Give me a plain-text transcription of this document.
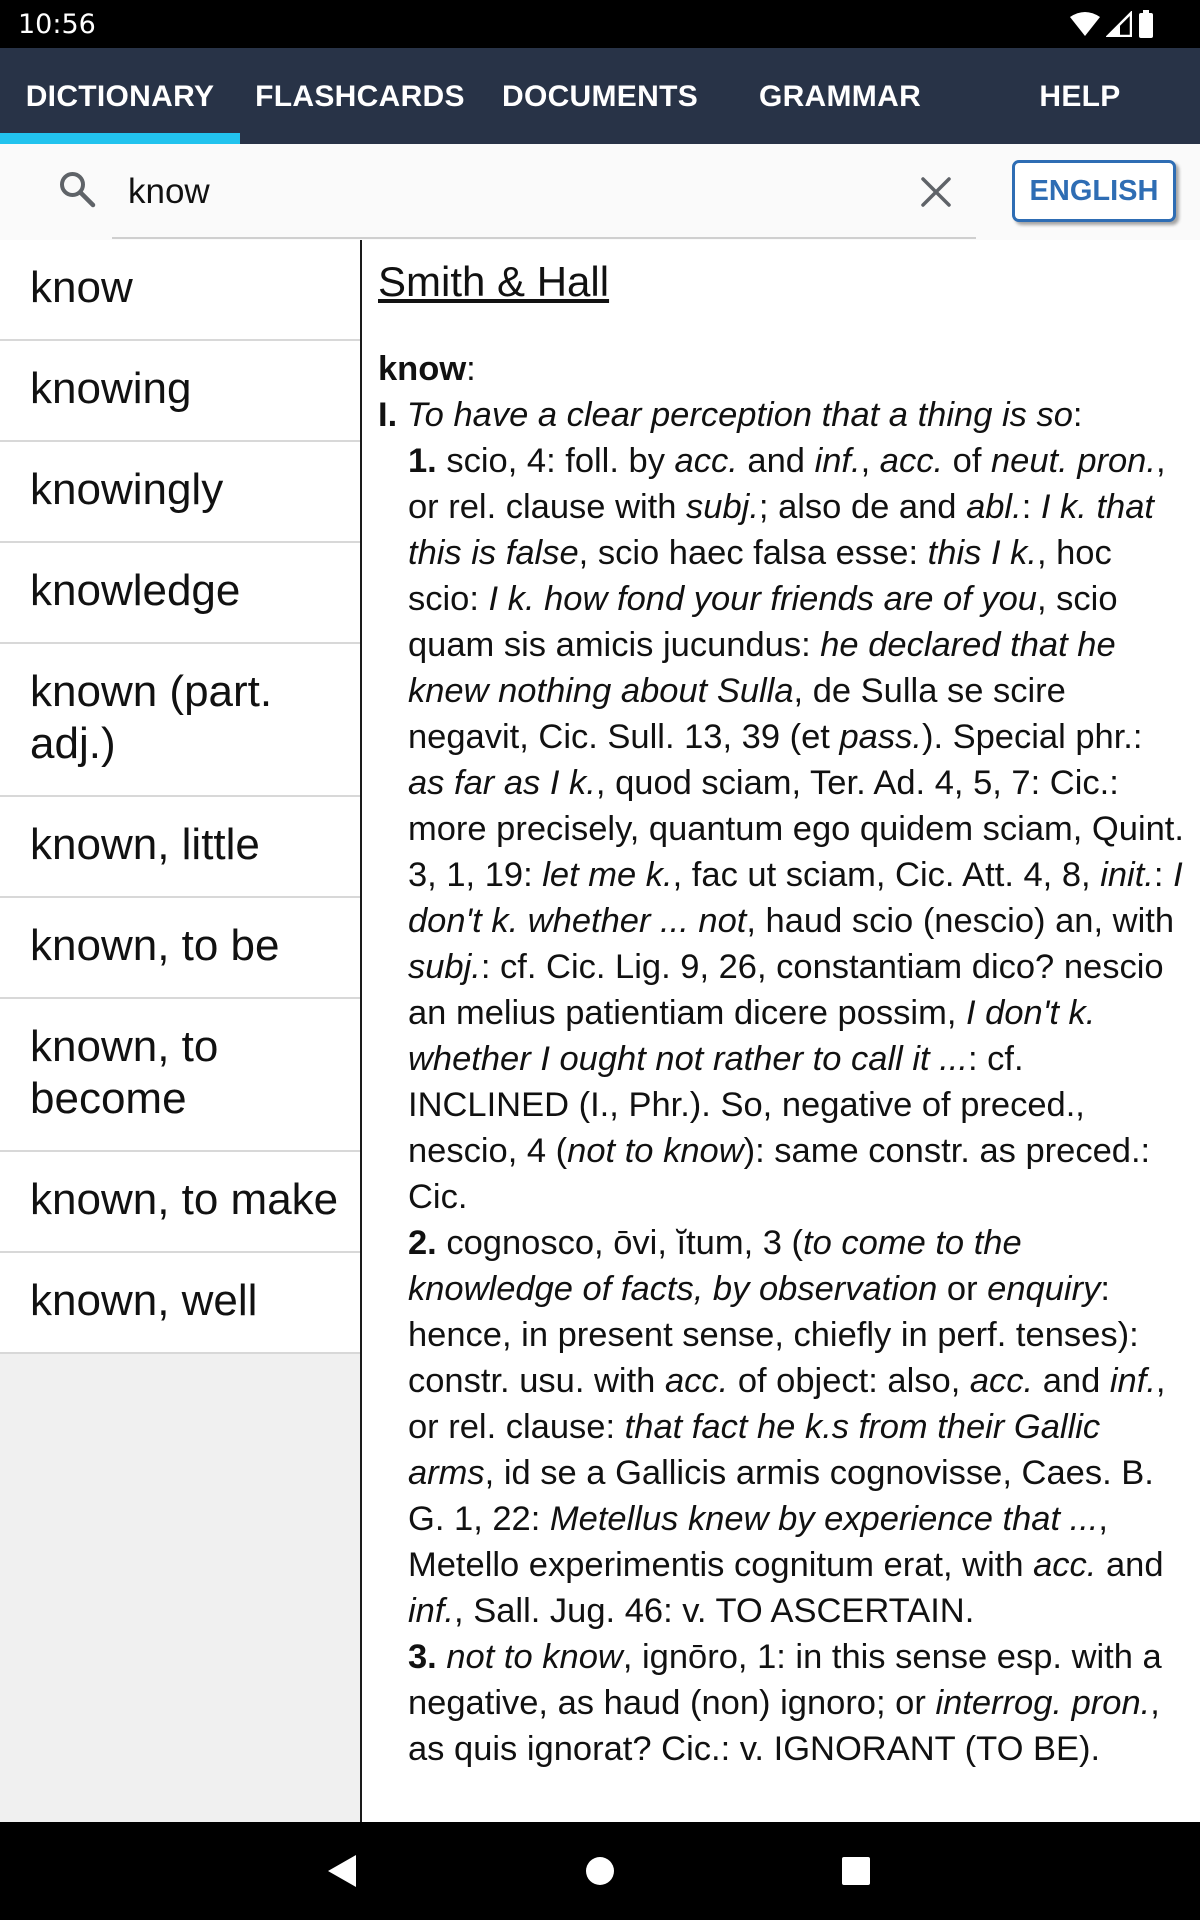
10:56
DICTIONARY	FLASHCARDS	DOCUMENTS	GRAMMAR	HELP
know
ENGLISH
know
knowing
knowingly
knowledge
known (part. adj.)
known, little
known, to be
known, to become
known, to make
known, well
Smith & Hall
know:
I. To have a clear perception that a thing is so:
1. scio, 4: foll. by acc. and inf., acc. of neut. pron., or rel. clause with subj.; also de and abl.: I k. that this is false, scio haec falsa esse: this I k., hoc scio: I k. how fond your friends are of you, scio quam sis amicis jucundus: he declared that he knew nothing about Sulla, de Sulla se scire negavit, Cic. Sull. 13, 39 (et pass.). Special phr.: as far as I k., quod sciam, Ter. Ad. 4, 5, 7: Cic.: more precisely, quantum ego quidem sciam, Quint. 3, 1, 19: let me k., fac ut sciam, Cic. Att. 4, 8, init.: I don't k. whether ... not, haud scio (nescio) an, with subj.: cf. Cic. Lig. 9, 26, constantiam dico? nescio an melius patientiam dicere possim, I don't k. whether I ought not rather to call it ...: cf. INCLINED (I., Phr.). So, negative of preced., nescio, 4 (not to know): same constr. as preced.: Cic.
2. cognosco, ōvi, ĭtum, 3 (to come to the knowledge of facts, by observation or enquiry: hence, in present sense, chiefly in perf. tenses): constr. usu. with acc. of object: also, acc. and inf., or rel. clause: that fact he k.s from their Gallic arms, id se a Gallicis armis cognovisse, Caes. B. G. 1, 22: Metellus knew by experience that ..., Metello experimentis cognitum erat, with acc. and inf., Sall. Jug. 46: v. TO ASCERTAIN.
3. not to know, ignōro, 1: in this sense esp. with a negative, as haud (non) ignoro; or interrog. pron., as quis ignorat? Cic.: v. IGNORANT (TO BE).
